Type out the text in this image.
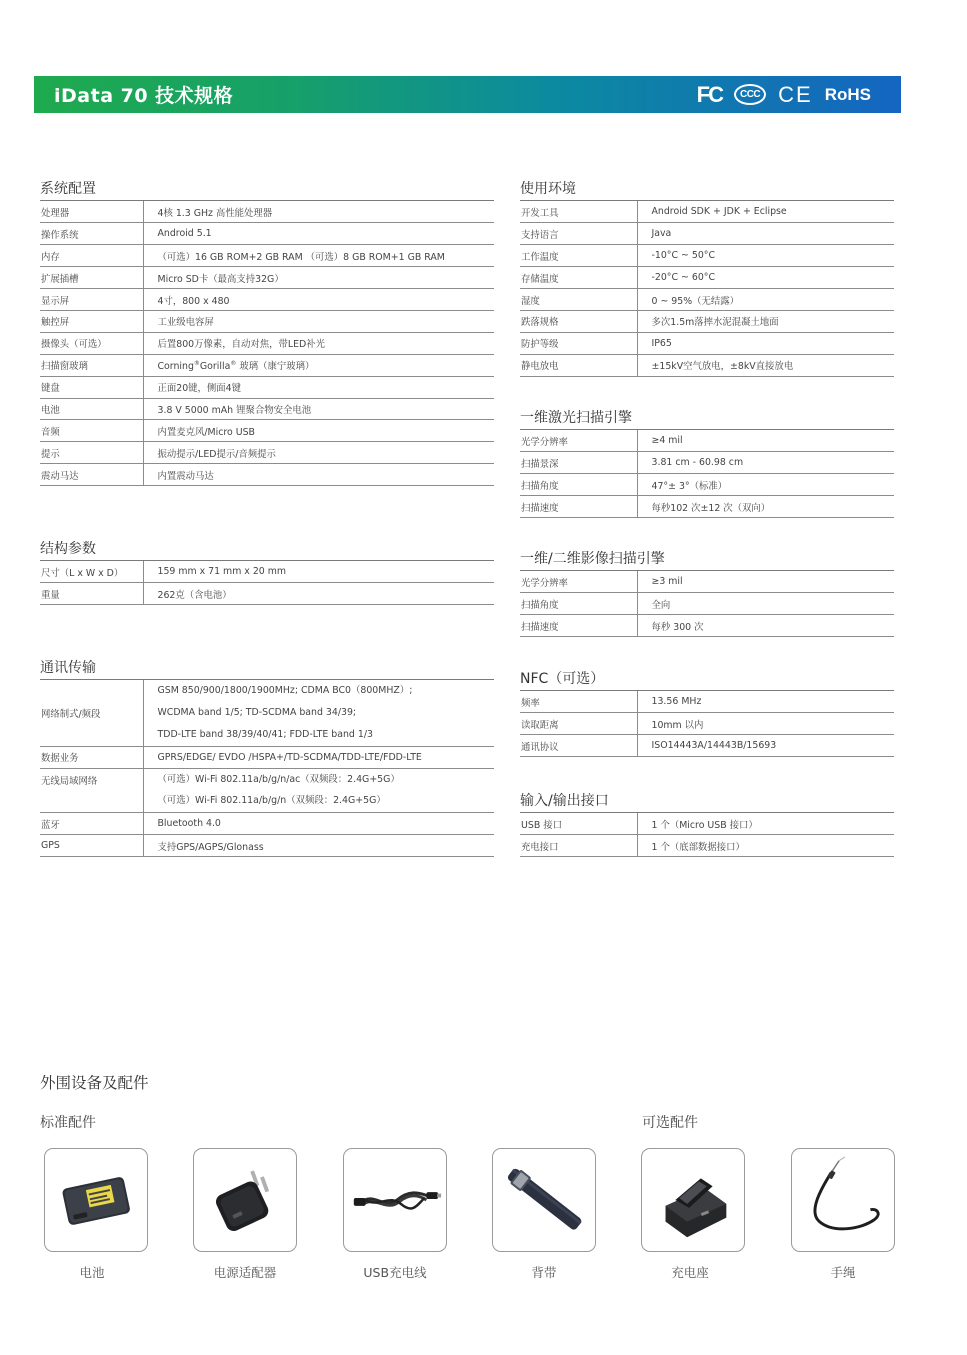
iData 70 技术规格	FC	CCC CE RoHS
系统配置
处理器	4核 1.3 GHz 高性能处理器
操作系统	Android 5.1
内存	（可选）16 GB ROM+2 GB RAM （可选）8 GB ROM+1 GB RAM
扩展插槽	Micro SD卡（最高支持32G）
显示屏	4寸，800 x 480
触控屏	工业级电容屏
摄像头（可选）	后置800万像素，自动对焦，带LED补光
扫描窗玻璃	Corning®Gorilla® 玻璃（康宁玻璃）
键盘	正面20键，侧面4键
电池	3.8 V 5000 mAh 锂聚合物安全电池
音频	内置麦克风/Micro USB
提示	振动提示/LED提示/音频提示
震动马达	内置震动马达
结构参数
尺寸（L x W x D）	159 mm x 71 mm x 20 mm
重量	262克（含电池）
通讯传输
网络制式/频段	GSM 850/900/1800/1900MHz; CDMA BC0（800MHZ）;
WCDMA band 1/5; TD-SCDMA band 34/39;
TDD-LTE band 38/39/40/41; FDD-LTE band 1/3

数据业务	GPRS/EDGE/ EVDO /HSPA+/TD-SCDMA/TDD-LTE/FDD-LTE
无线局域网络	（可选）Wi-Fi 802.11a/b/g/n/ac（双频段：2.4G+5G）
（可选）Wi-Fi 802.11a/b/g/n（双频段：2.4G+5G）

蓝牙	Bluetooth 4.0
GPS	支持GPS/AGPS/Glonass
使用环境
开发工具	Android SDK + JDK + Eclipse
支持语言	Java
工作温度	-10°C ~ 50°C
存储温度	-20°C ~ 60°C
湿度	0 ~ 95%（无结露）
跌落规格	多次1.5m落摔水泥混凝土地面
防护等级	IP65
静电放电	±15kV空气放电，±8kV直接放电
一维激光扫描引擎
光学分辨率	≥4 mil
扫描景深	3.81 cm - 60.98 cm
扫描角度	47°± 3°（标准）
扫描速度	每秒102 次±12 次（双向）
一维/二维影像扫描引擎
光学分辨率	≥3 mil
扫描角度	全向
扫描速度	每秒 300 次
NFC（可选）
频率	13.56 MHz
读取距离	10mm 以内
通讯协议	ISO14443A/14443B/15693
输入/输出接口
USB 接口	1 个（Micro USB 接口）
充电接口	1 个（底部数据接口）
外围设备及配件
标准配件	可选配件
电池	电源适配器	USB充电线	背带	充电座	手绳
